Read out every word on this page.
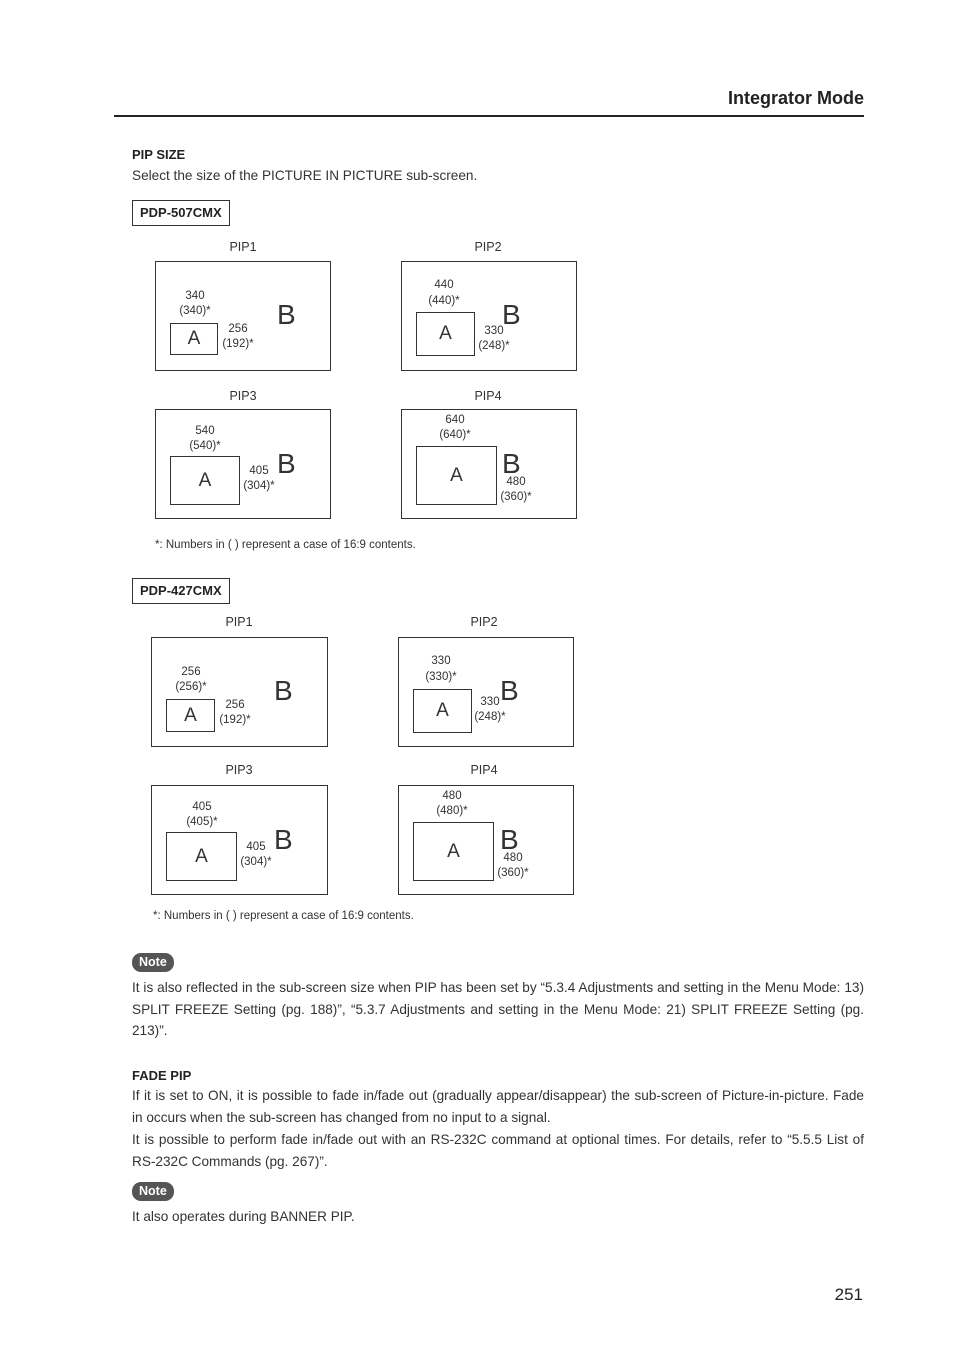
Integrator Mode
PIP SIZE
Select the size of the PICTURE IN PICTURE sub-screen.
PDP-507CMX
PIP1
A
B
340
(340)*
256
(192)*
PIP2
A
B
440
(440)*
330
(248)*
PIP3
A
B
540
(540)*
405
(304)*
PIP4
A	B
640
(640)*
480
(360)*
*: Numbers in ( ) represent a case of 16:9 contents.
PDP-427CMX
PIP1
A
B
256
(256)*
256
(192)*
PIP2
A
B
330
(330)*
330
(248)*
PIP3
A
B
405
(405)*
405
(304)*
PIP4
A	B
480
(480)*
480
(360)*
*: Numbers in ( ) represent a case of 16:9 contents.
Note
It is also reflected in the sub-screen size when PIP has been set by “5.3.4 Adjustments and setting in the Menu Mode: 13) SPLIT FREEZE Setting (pg. 188)”, “5.3.7 Adjustments and setting in the Menu Mode: 21) SPLIT FREEZE Setting (pg. 213)”.
FADE PIP
If it is set to ON, it is possible to fade in/fade out (gradually appear/disappear) the sub-screen of Picture-in-picture. Fade in occurs when the sub-screen has changed from no input to a signal.
It is possible to perform fade in/fade out with an RS-232C command at optional times. For details, refer to “5.5.5 List of RS-232C Commands (pg. 267)”.
Note
It also operates during BANNER PIP.
251
